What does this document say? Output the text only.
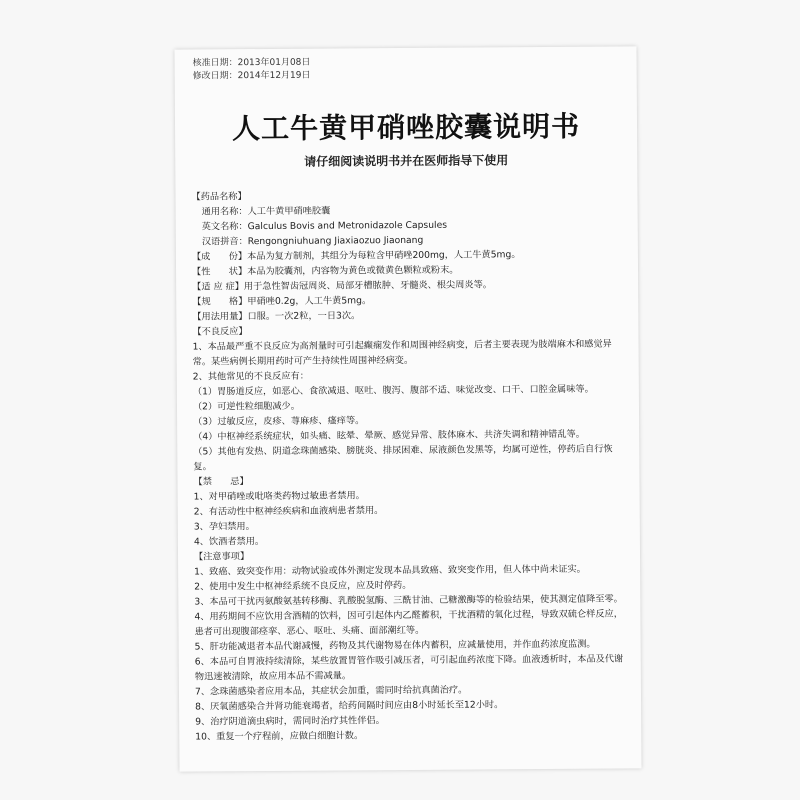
核准日期：2013年01月08日
修改日期：2014年12月19日
人工牛黄甲硝唑胶囊说明书
请仔细阅读说明书并在医师指导下使用
【药品名称】
通用名称：人工牛黄甲硝唑胶囊
英文名称：Galculus Bovis and Metronidazole Capsules
汉语拼音：Rengongniuhuang Jiaxiaozuo Jiaonang
【成　　份】本品为复方制剂，其组分为每粒含甲硝唑200mg，人工牛黄5mg。
【性　　状】本品为胶囊剂，内容物为黄色或微黄色颗粒或粉末。
【适 应 症】用于急性智齿冠周炎、局部牙槽脓肿、牙髓炎、根尖周炎等。
【规　　格】甲硝唑0.2g，人工牛黄5mg。
【用法用量】口服。一次2粒，一日3次。
【不良反应】
1、本品最严重不良反应为高剂量时可引起癫痫发作和周围神经病变，后者主要表现为肢端麻木和感觉异常。某些病例长期用药时可产生持续性周围神经病变。
2、其他常见的不良反应有：
（1）胃肠道反应，如恶心、食欲减退、呕吐、腹泻、腹部不适、味觉改变、口干、口腔金属味等。
（2）可逆性粒细胞减少。
（3）过敏反应，皮疹、荨麻疹、瘙痒等。
（4）中枢神经系统症状，如头痛、眩晕、晕厥、感觉异常、肢体麻木、共济失调和精神错乱等。
（5）其他有发热、阴道念珠菌感染、膀胱炎、排尿困难、尿液颜色发黑等，均属可逆性，停药后自行恢复。
【禁　　忌】
1、对甲硝唑或吡咯类药物过敏患者禁用。
2、有活动性中枢神经疾病和血液病患者禁用。
3、孕妇禁用。
4、饮酒者禁用。
【注意事项】
1、致癌、致突变作用：动物试验或体外测定发现本品具致癌、致突变作用，但人体中尚未证实。
2、使用中发生中枢神经系统不良反应，应及时停药。
3、本品可干扰丙氨酸氨基转移酶、乳酸脱氢酶、三酰甘油、己糖激酶等的检验结果，使其测定值降至零。
4、用药期间不应饮用含酒精的饮料，因可引起体内乙醛蓄积，干扰酒精的氧化过程，导致双硫仑样反应，患者可出现腹部痉挛、恶心、呕吐、头痛、面部潮红等。
5、肝功能减退者本品代谢减慢，药物及其代谢物易在体内蓄积，应减量使用，并作血药浓度监测。
6、本品可自胃液持续清除，某些放置胃管作吸引减压者，可引起血药浓度下降。血液透析时，本品及代谢物迅速被清除，故应用本品不需减量。
7、念珠菌感染者应用本品，其症状会加重，需同时给抗真菌治疗。
8、厌氧菌感染合并肾功能衰竭者，给药间隔时间应由8小时延长至12小时。
9、治疗阴道滴虫病时，需同时治疗其性伴侣。
10、重复一个疗程前，应做白细胞计数。
